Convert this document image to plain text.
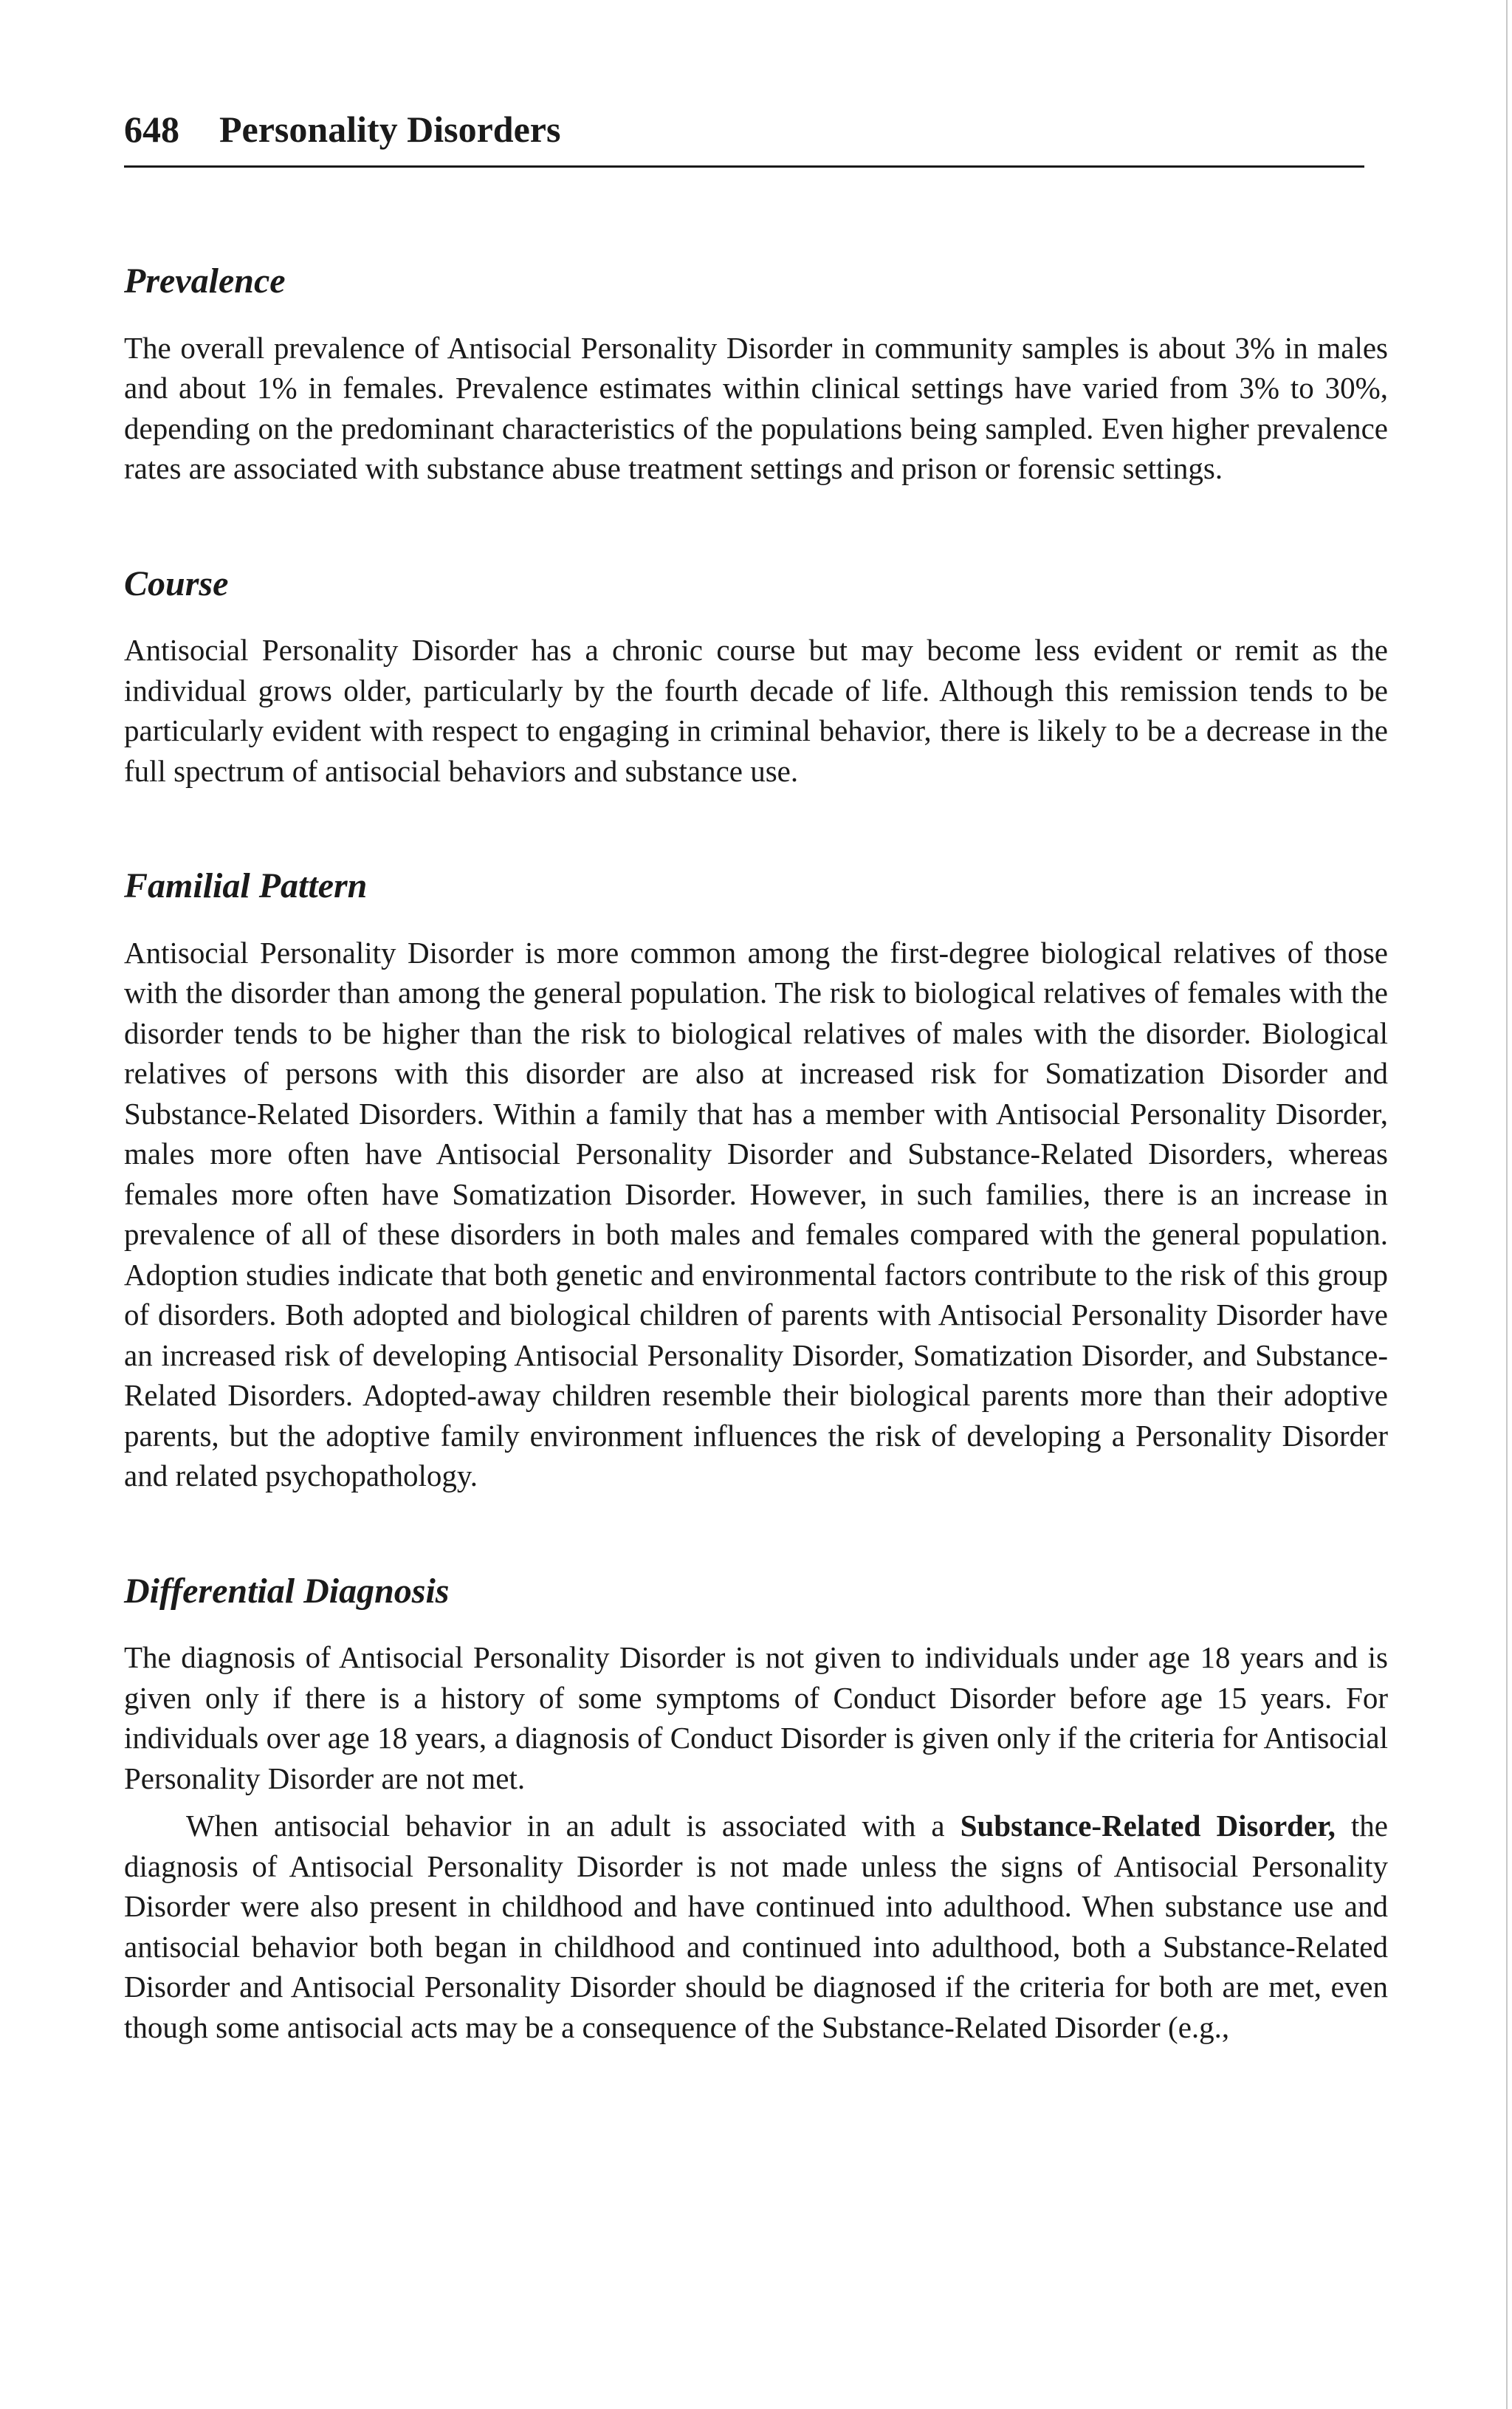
648 Personality Disorders
Prevalence

The overall prevalence of Antisocial Personality Disorder in community samples is about 3% in males and about 1% in females. Prevalence estimates within clinical settings have varied from 3% to 30%, depending on the predominant characteristics of the populations being sampled. Even higher prevalence rates are associated with substance abuse treatment settings and prison or forensic settings.

Course

Antisocial Personality Disorder has a chronic course but may become less evident or remit as the individual grows older, particularly by the fourth decade of life. Although this remission tends to be particularly evident with respect to engaging in criminal behavior, there is likely to be a decrease in the full spectrum of antisocial behaviors and substance use.

Familial Pattern

Antisocial Personality Disorder is more common among the first-degree biological relatives of those with the disorder than among the general population. The risk to biological relatives of females with the disorder tends to be higher than the risk to biological relatives of males with the disorder. Biological relatives of persons with this disorder are also at increased risk for Somatization Disorder and Substance-Related Disorders. Within a family that has a member with Antisocial Personality Disorder, males more often have Antisocial Personality Disorder and Substance-Related Disorders, whereas females more often have Somatization Disorder. However, in such families, there is an increase in prevalence of all of these disorders in both males and females compared with the general population. Adoption studies indicate that both genetic and environmental factors contribute to the risk of this group of disorders. Both adopted and biological children of parents with Antisocial Personality Disorder have an increased risk of developing Antisocial Personality Disorder, Somatization Disorder, and Substance-Related Disorders. Adopted-away children resemble their biological parents more than their adoptive parents, but the adoptive family environment influences the risk of developing a Personality Disorder and related psychopathology.

Differential Diagnosis

The diagnosis of Antisocial Personality Disorder is not given to individuals under age 18 years and is given only if there is a history of some symptoms of Conduct Disorder before age 15 years. For individuals over age 18 years, a diagnosis of Conduct Disorder is given only if the criteria for Antisocial Personality Disorder are not met.

When antisocial behavior in an adult is associated with a Substance-Related Disorder, the diagnosis of Antisocial Personality Disorder is not made unless the signs of Antisocial Personality Disorder were also present in childhood and have continued into adulthood. When substance use and antisocial behavior both began in childhood and continued into adulthood, both a Substance-Related Disorder and Antisocial Personality Disorder should be diagnosed if the criteria for both are met, even though some antisocial acts may be a consequence of the Substance-Related Disorder (e.g.,
